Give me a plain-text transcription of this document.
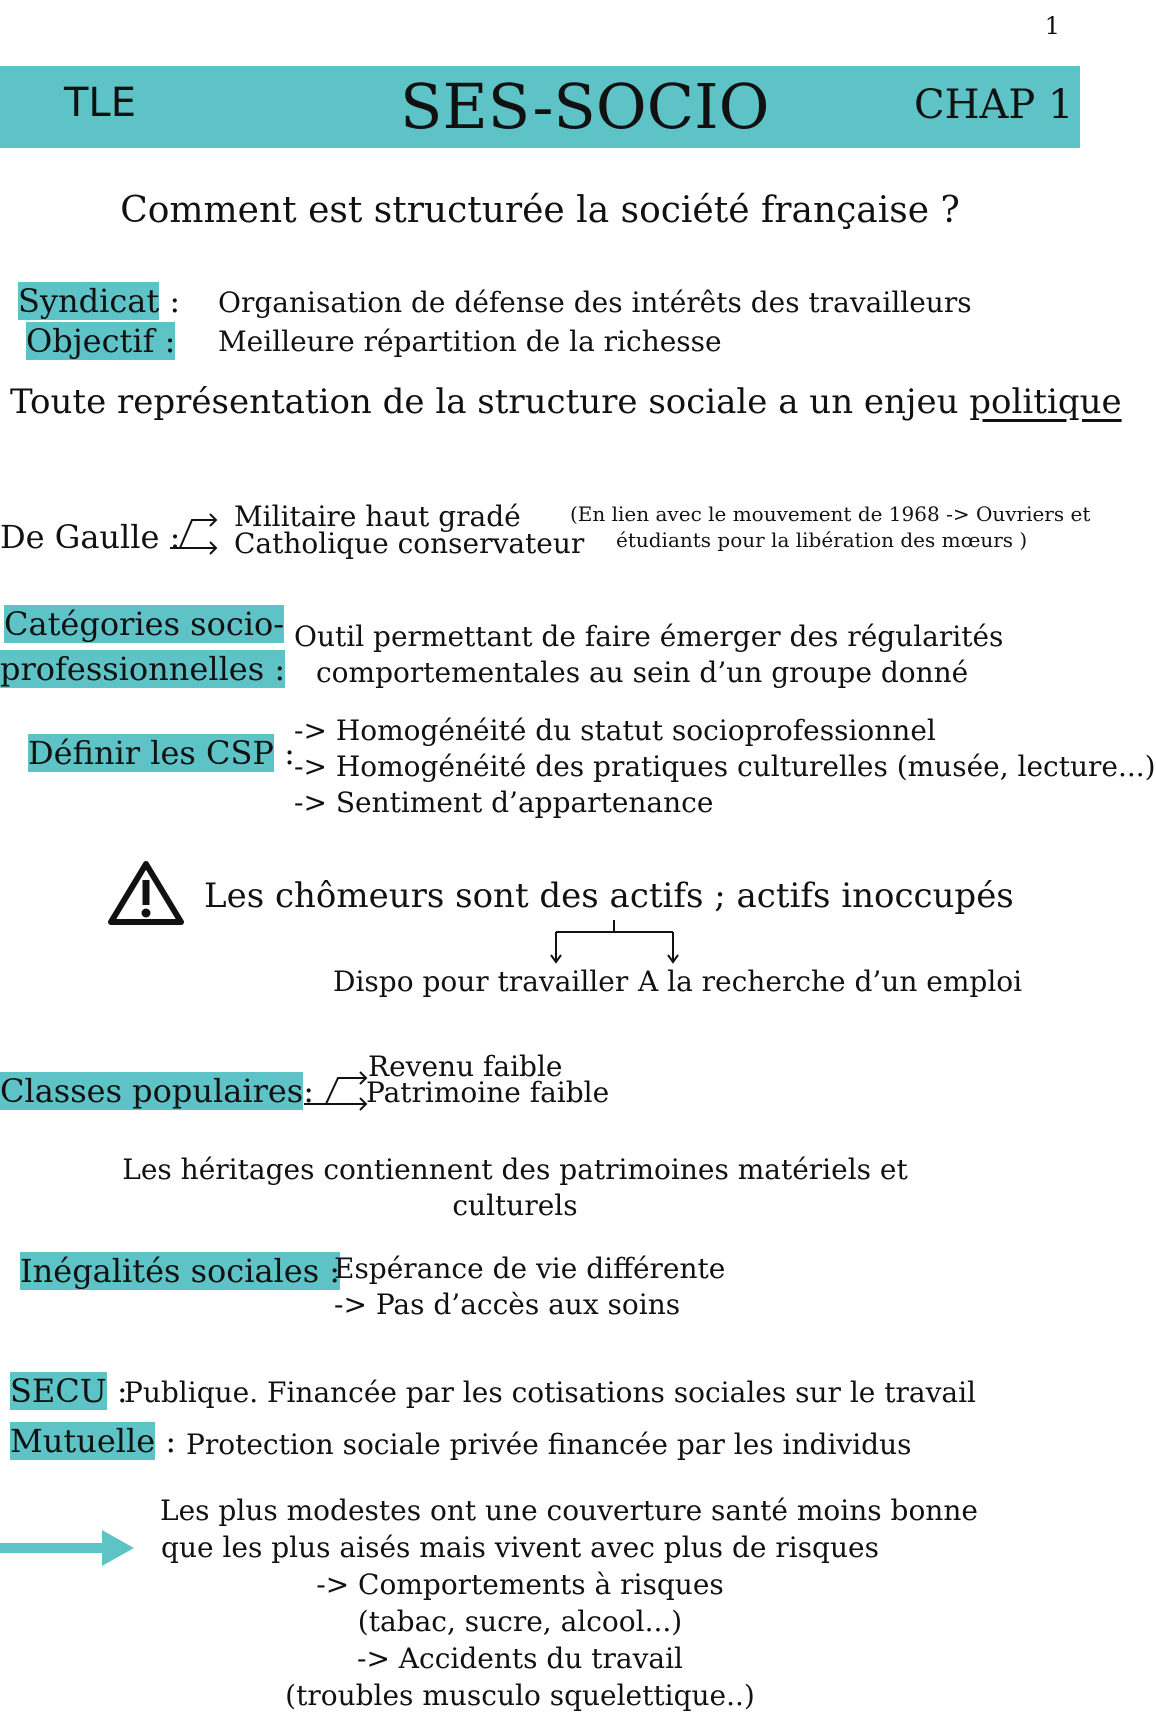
1
TLE	SES-SOCIO	CHAP 1
Comment est structurée la société française ?
Syndicat : Organisation de défense des intérêts des travailleurs
Objectif : Meilleure répartition de la richesse
Toute représentation de la structure sociale a un enjeu politique
De Gaulle :
Militaire haut gradé
Catholique conservateur
(En lien avec le mouvement de 1968 -> Ouvriers et
étudiants pour la libération des mœurs )
Catégories socio-
professionnelles :
Outil permettant de faire émerger des régularités
comportementales au sein d’un groupe donné
Définir les CSP :
-> Homogénéité du statut socioprofessionnel
-> Homogénéité des pratiques culturelles (musée, lecture...)
-> Sentiment d’appartenance
Les chômeurs sont des actifs ; actifs inoccupés
Dispo pour travailler A la recherche d’un emploi
Classes populaires:
Revenu faible
Patrimoine faible
Les héritages contiennent des patrimoines matériels et
culturels
Inégalités sociales :
Espérance de vie différente
-> Pas d’accès aux soins
SECU :
Publique. Financée par les cotisations sociales sur le travail
Mutuelle : Protection sociale privée financée par les individus
Les plus modestes ont une couverture santé moins bonne
que les plus aisés mais vivent avec plus de risques
-> Comportements à risques
(tabac, sucre, alcool...)
-> Accidents du travail
(troubles musculo squelettique..)
